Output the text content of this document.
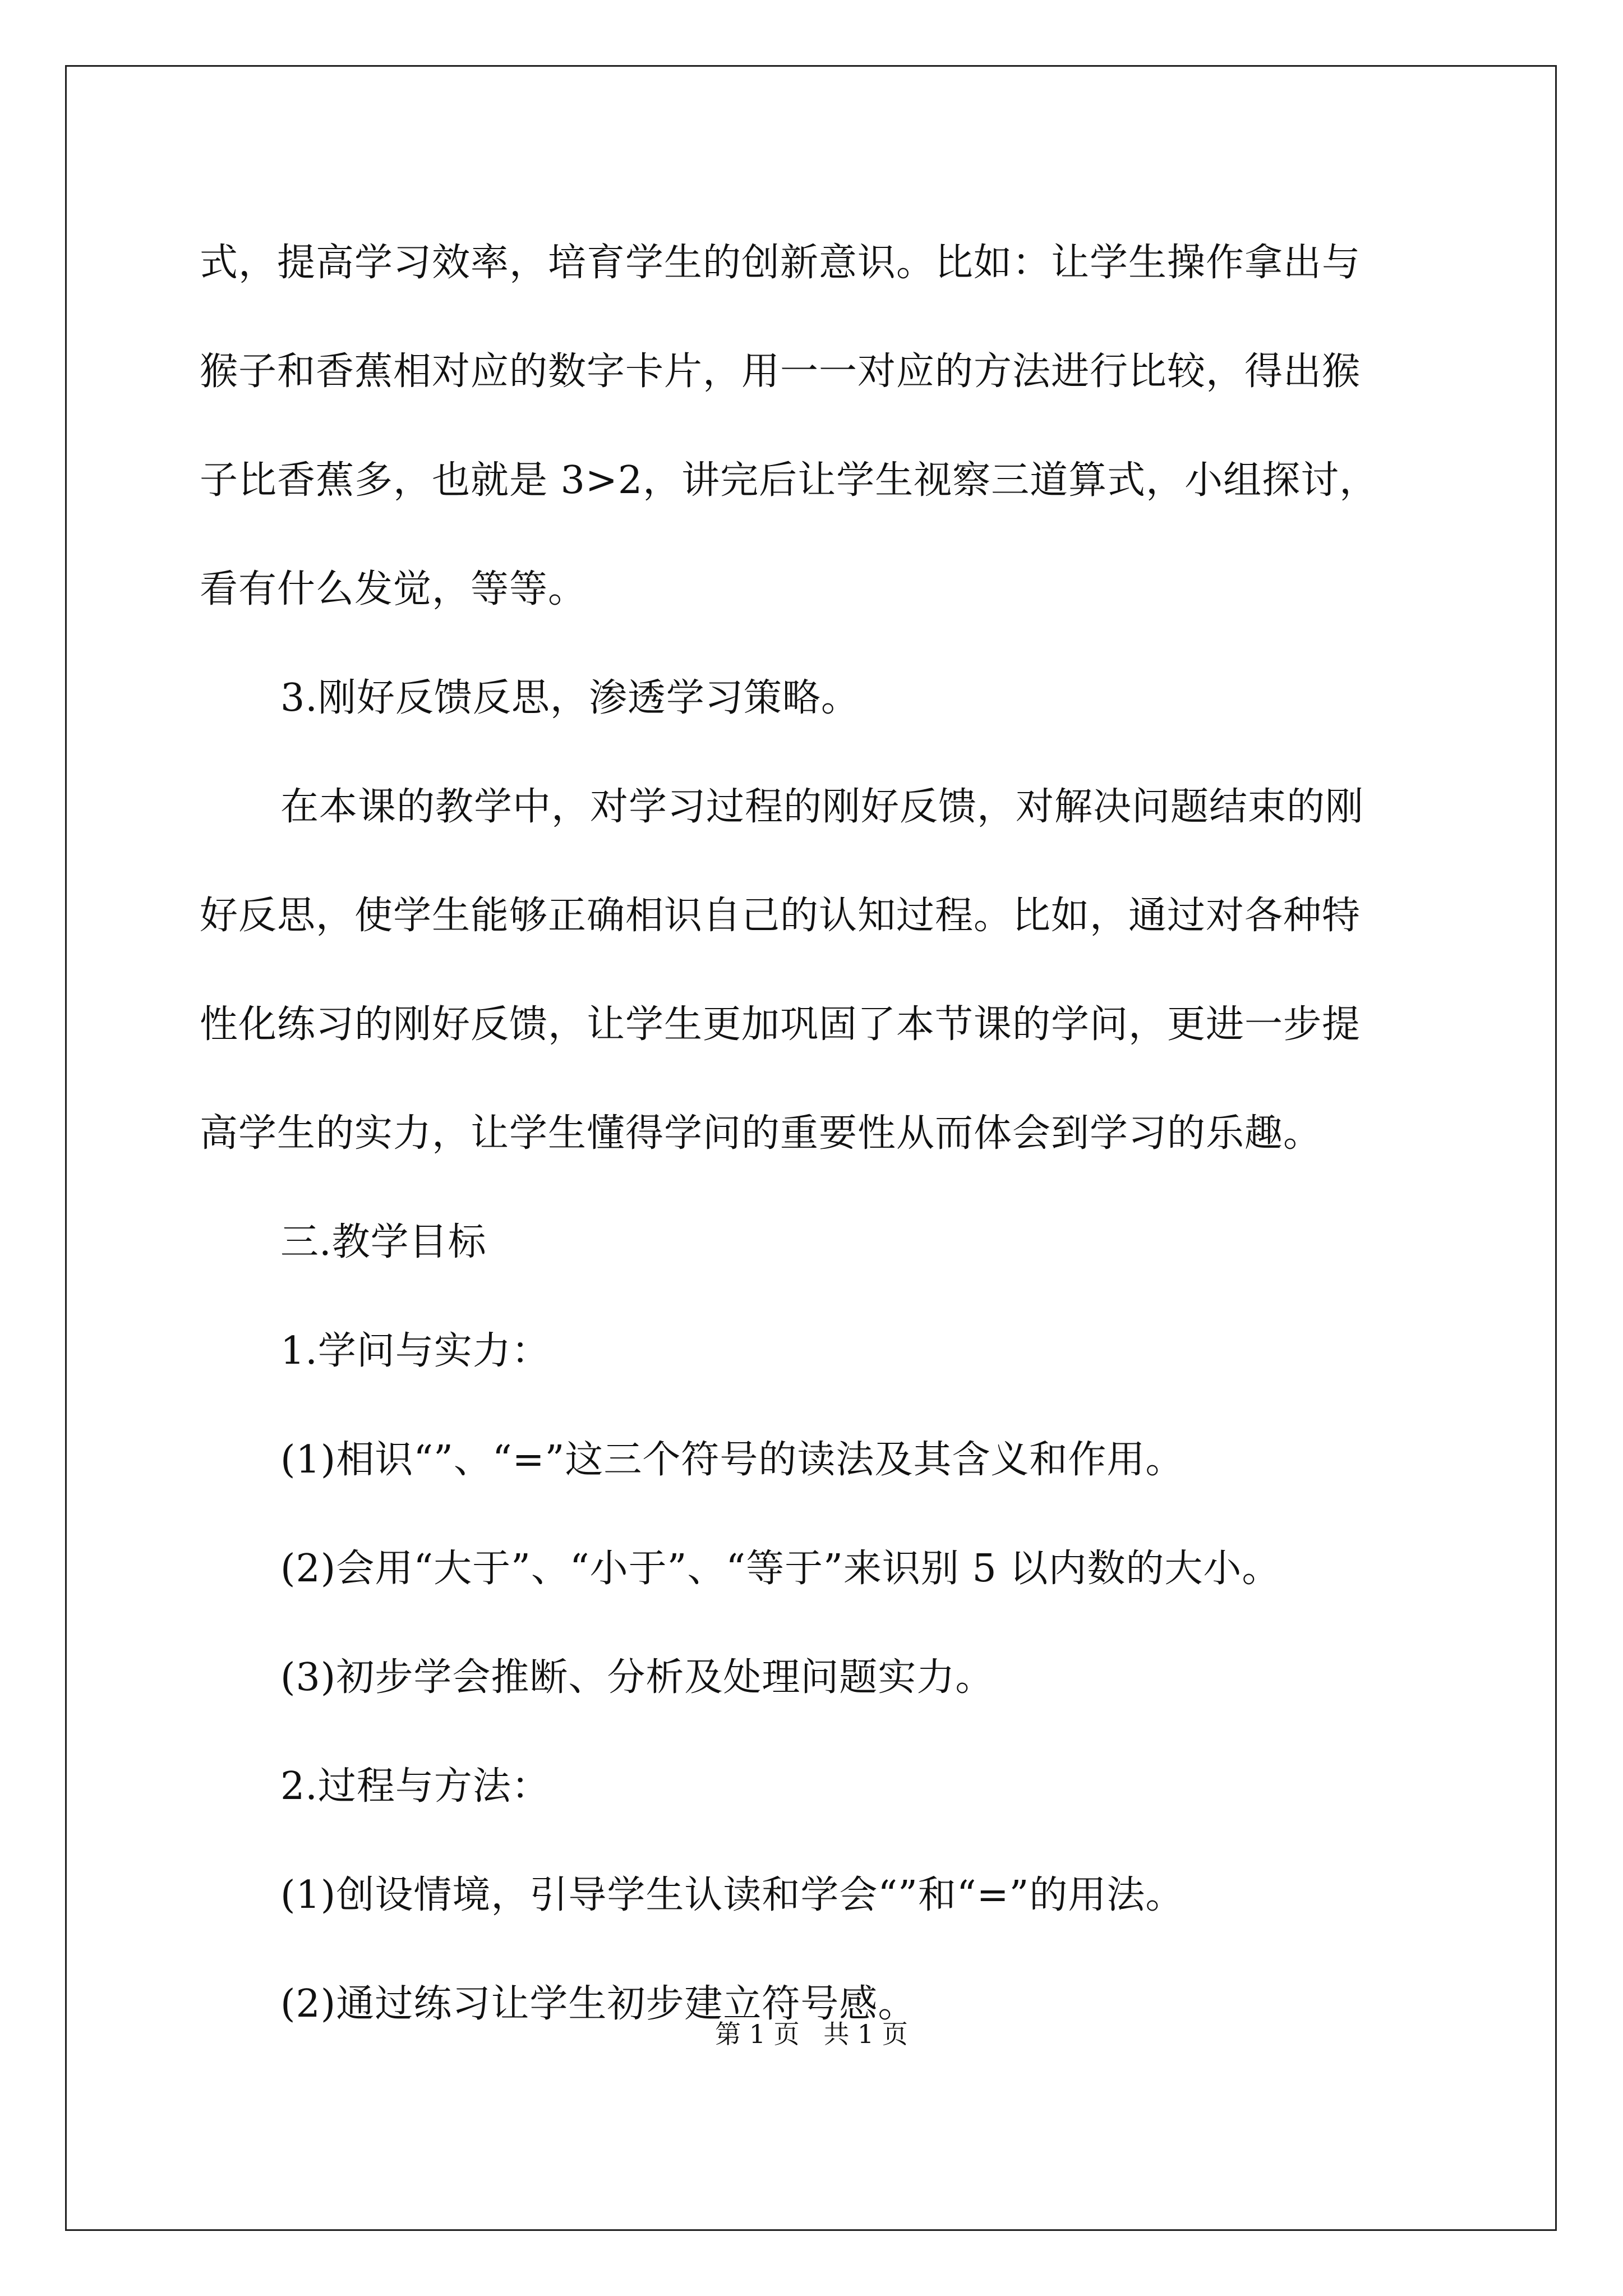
式，提高学习效率，培育学生的创新意识。比如：让学生操作拿出与

猴子和香蕉相对应的数字卡片，用一一对应的方法进行比较，得出猴

子比香蕉多，也就是 3>2，讲完后让学生视察三道算式，小组探讨，

看有什么发觉，等等。

3.刚好反馈反思，渗透学习策略。

在本课的教学中，对学习过程的刚好反馈，对解决问题结束的刚

好反思，使学生能够正确相识自己的认知过程。比如，通过对各种特

性化练习的刚好反馈，让学生更加巩固了本节课的学问，更进一步提

高学生的实力，让学生懂得学问的重要性从而体会到学习的乐趣。

三.教学目标

1.学问与实力：

(1)相识“”、“=”这三个符号的读法及其含义和作用。

(2)会用“大于”、“小于”、“等于”来识别 5 以内数的大小。

(3)初步学会推断、分析及处理问题实力。

2.过程与方法：

(1)创设情境，引导学生认读和学会“”和“=”的用法。

(2)通过练习让学生初步建立符号感。

第 1 页 共 1 页
